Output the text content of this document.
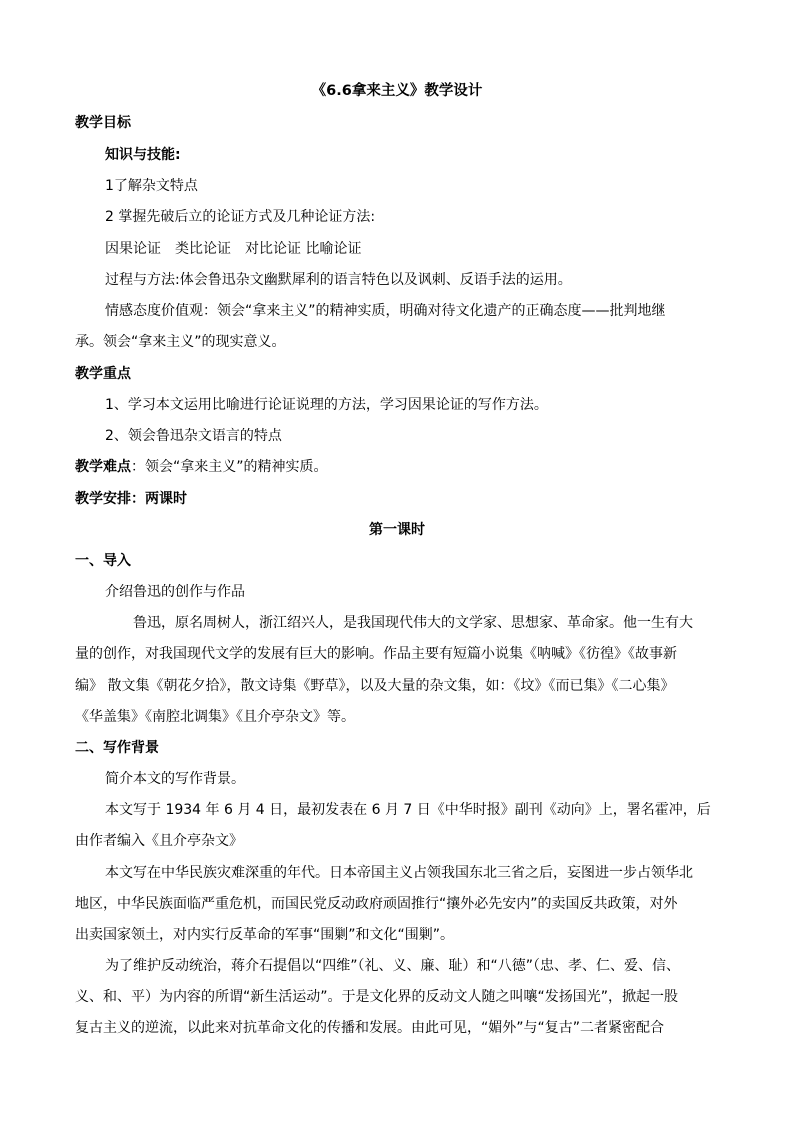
《6.6拿来主义》教学设计
教学目标
知识与技能:
1了解杂文特点
2 掌握先破后立的论证方式及几种论证方法:
因果论证　类比论证　对比论证 比喻论证
过程与方法:体会鲁迅杂文幽默犀利的语言特色以及讽刺、反语手法的运用。
情感态度价值观：领会“拿来主义”的精神实质，明确对待文化遗产的正确态度——批判地继
承。领会“拿来主义”的现实意义。
教学重点
1、学习本文运用比喻进行论证说理的方法，学习因果论证的写作方法。
2、领会鲁迅杂文语言的特点
教学难点：领会“拿来主义”的精神实质。
教学安排：两课时
第一课时
一、导入
介绍鲁迅的创作与作品
鲁迅，原名周树人，浙江绍兴人，是我国现代伟大的文学家、思想家、革命家。他一生有大
量的创作，对我国现代文学的发展有巨大的影响。作品主要有短篇小说集《呐喊》《彷徨》《故事新
编》 散文集《朝花夕拾》，散文诗集《野草》，以及大量的杂文集，如：《坟》《而已集》《二心集》
《华盖集》《南腔北调集》《且介亭杂文》等。
二、写作背景
简介本文的写作背景。
本文写于 1934 年 6 月 4 日，最初发表在 6 月 7 日《中华时报》副刊《动向》上，署名霍冲，后
由作者编入《且介亭杂文》
本文写在中华民族灾难深重的年代。日本帝国主义占领我国东北三省之后，妄图进一步占领华北
地区，中华民族面临严重危机，而国民党反动政府顽固推行“攘外必先安内”的卖国反共政策，对外
出卖国家领土，对内实行反革命的军事“围剿”和文化“围剿”。
为了维护反动统治，蒋介石提倡以“四维”（礼、义、廉、耻）和“八德”（忠、孝、仁、爱、信、
义、和、平）为内容的所谓“新生活运动”。于是文化界的反动文人随之叫嚷“发扬国光”，掀起一股
复古主义的逆流，以此来对抗革命文化的传播和发展。由此可见，“媚外”与“复古”二者紧密配合
